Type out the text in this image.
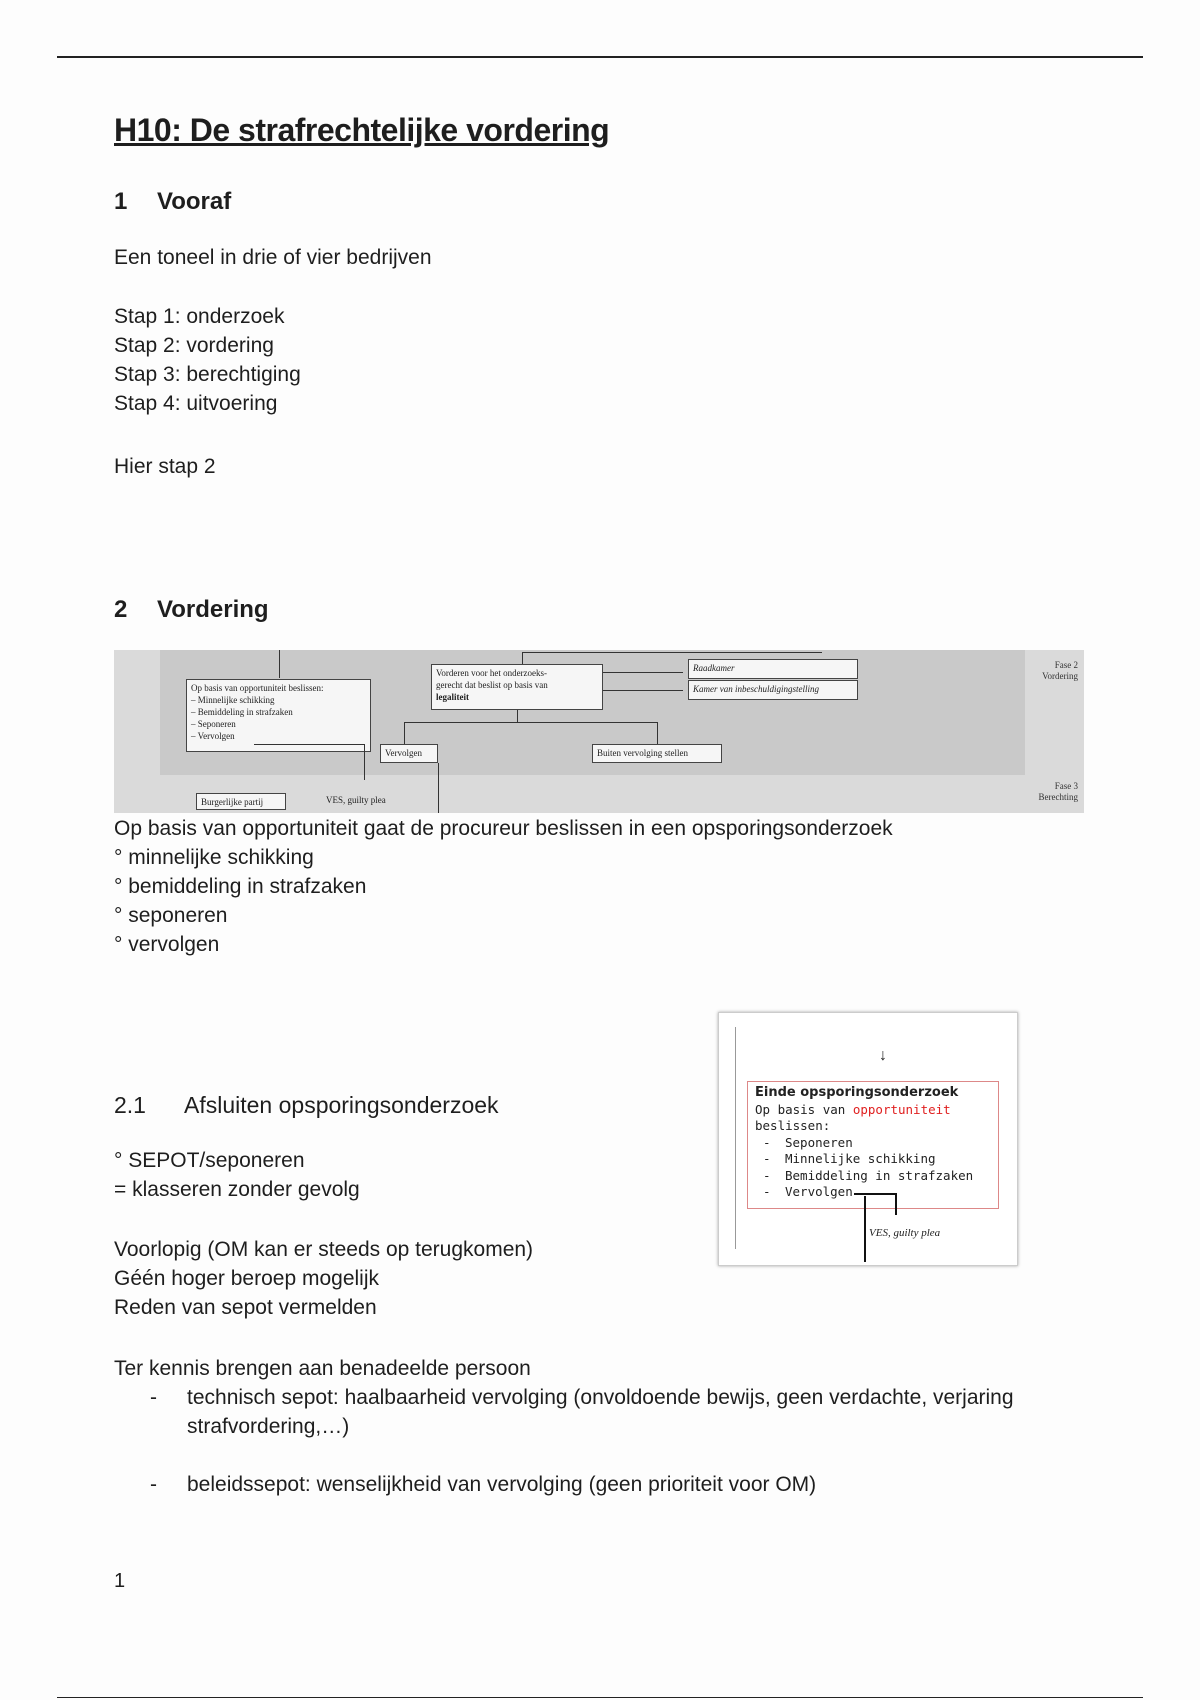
H10: De strafrechtelijke vordering
1 Vooraf
Een toneel in drie of vier bedrijven
Stap 1: onderzoek
Stap 2: vordering
Stap 3: berechtiging
Stap 4: uitvoering
Hier stap 2
2 Vordering
Op basis van opportuniteit beslissen:
– Minnelijke schikking
– Bemiddeling in strafzaken
– Seponeren
– Vervolgen
Vorderen voor het onderzoeks-
gerecht dat beslist op basis van
legaliteit
Raadkamer
Kamer van inbeschuldigingstelling
Vervolgen	Buiten vervolging stellen
Burgerlijke partij	VES, guilty plea
Fase 2
Vordering
Fase 3
Berechting
Op basis van opportuniteit gaat de procureur beslissen in een opsporingsonderzoek
° minnelijke schikking
° bemiddeling in strafzaken
° seponeren
° vervolgen
↓
Einde opsporingsonderzoek
Op basis van opportuniteit
beslissen:
- Seponeren
- Minnelijke schikking
- Bemiddeling in strafzaken
- Vervolgen
VES, guilty plea
2.1 Afsluiten opsporingsonderzoek
° SEPOT/seponeren
= klasseren zonder gevolg
Voorlopig (OM kan er steeds op terugkomen)
Géén hoger beroep mogelijk
Reden van sepot vermelden
Ter kennis brengen aan benadeelde persoon
- technisch sepot: haalbaarheid vervolging (onvoldoende bewijs, geen verdachte, verjaring strafvordering,…)
- beleidssepot: wenselijkheid van vervolging (geen prioriteit voor OM)
1
